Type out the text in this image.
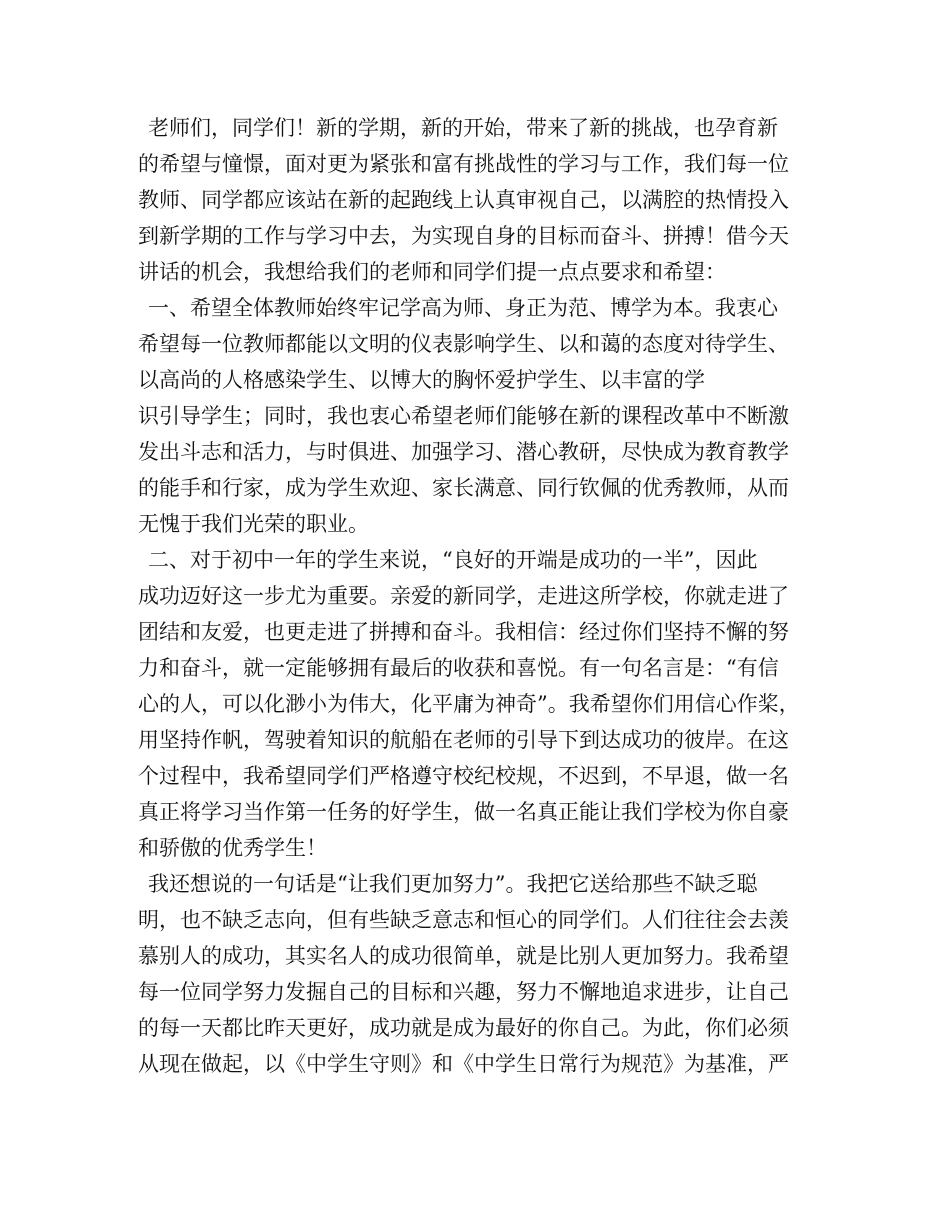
老师们，同学们！新的学期，新的开始，带来了新的挑战，也孕育新
的希望与憧憬，面对更为紧张和富有挑战性的学习与工作，我们每一位
教师、同学都应该站在新的起跑线上认真审视自己，以满腔的热情投入
到新学期的工作与学习中去，为实现自身的目标而奋斗、拼搏！借今天
讲话的机会，我想给我们的老师和同学们提一点点要求和希望：
一、希望全体教师始终牢记学高为师、身正为范、博学为本。我衷心
希望每一位教师都能以文明的仪表影响学生、以和蔼的态度对待学生、
以高尚的人格感染学生、以博大的胸怀爱护学生、以丰富的学
识引导学生；同时，我也衷心希望老师们能够在新的课程改革中不断激
发出斗志和活力，与时俱进、加强学习、潜心教研，尽快成为教育教学
的能手和行家，成为学生欢迎、家长满意、同行钦佩的优秀教师，从而
无愧于我们光荣的职业。
二、对于初中一年的学生来说，“良好的开端是成功的一半”，因此
成功迈好这一步尤为重要。亲爱的新同学，走进这所学校，你就走进了
团结和友爱，也更走进了拼搏和奋斗。我相信：经过你们坚持不懈的努
力和奋斗，就一定能够拥有最后的收获和喜悦。有一句名言是：“有信
心的人，可以化渺小为伟大，化平庸为神奇”。我希望你们用信心作桨，
用坚持作帆，驾驶着知识的航船在老师的引导下到达成功的彼岸。在这
个过程中，我希望同学们严格遵守校纪校规，不迟到，不早退，做一名
真正将学习当作第一任务的好学生，做一名真正能让我们学校为你自豪
和骄傲的优秀学生！
我还想说的一句话是“让我们更加努力”。我把它送给那些不缺乏聪
明，也不缺乏志向，但有些缺乏意志和恒心的同学们。人们往往会去羡
慕别人的成功，其实名人的成功很简单，就是比别人更加努力。我希望
每一位同学努力发掘自己的目标和兴趣，努力不懈地追求进步，让自己
的每一天都比昨天更好，成功就是成为最好的你自己。为此，你们必须
从现在做起，以《中学生守则》和《中学生日常行为规范》为基准，严
